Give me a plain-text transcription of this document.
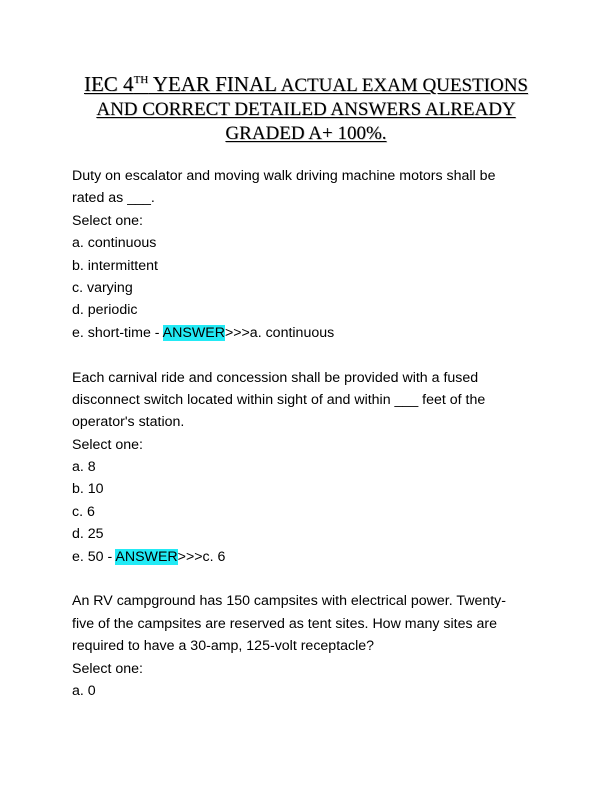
IEC 4TH YEAR FINAL ACTUAL EXAM QUESTIONS
AND CORRECT DETAILED ANSWERS ALREADY
GRADED A+ 100%.
Duty on escalator and moving walk driving machine motors shall be
rated as ___.
Select one:
a. continuous
b. intermittent
c. varying
d. periodic
e. short-time - ANSWER>>>a. continuous
Each carnival ride and concession shall be provided with a fused
disconnect switch located within sight of and within ___ feet of the
operator's station.
Select one:
a. 8
b. 10
c. 6
d. 25
e. 50 - ANSWER>>>c. 6
An RV campground has 150 campsites with electrical power. Twenty-
five of the campsites are reserved as tent sites. How many sites are
required to have a 30-amp, 125-volt receptacle?
Select one:
a. 0
